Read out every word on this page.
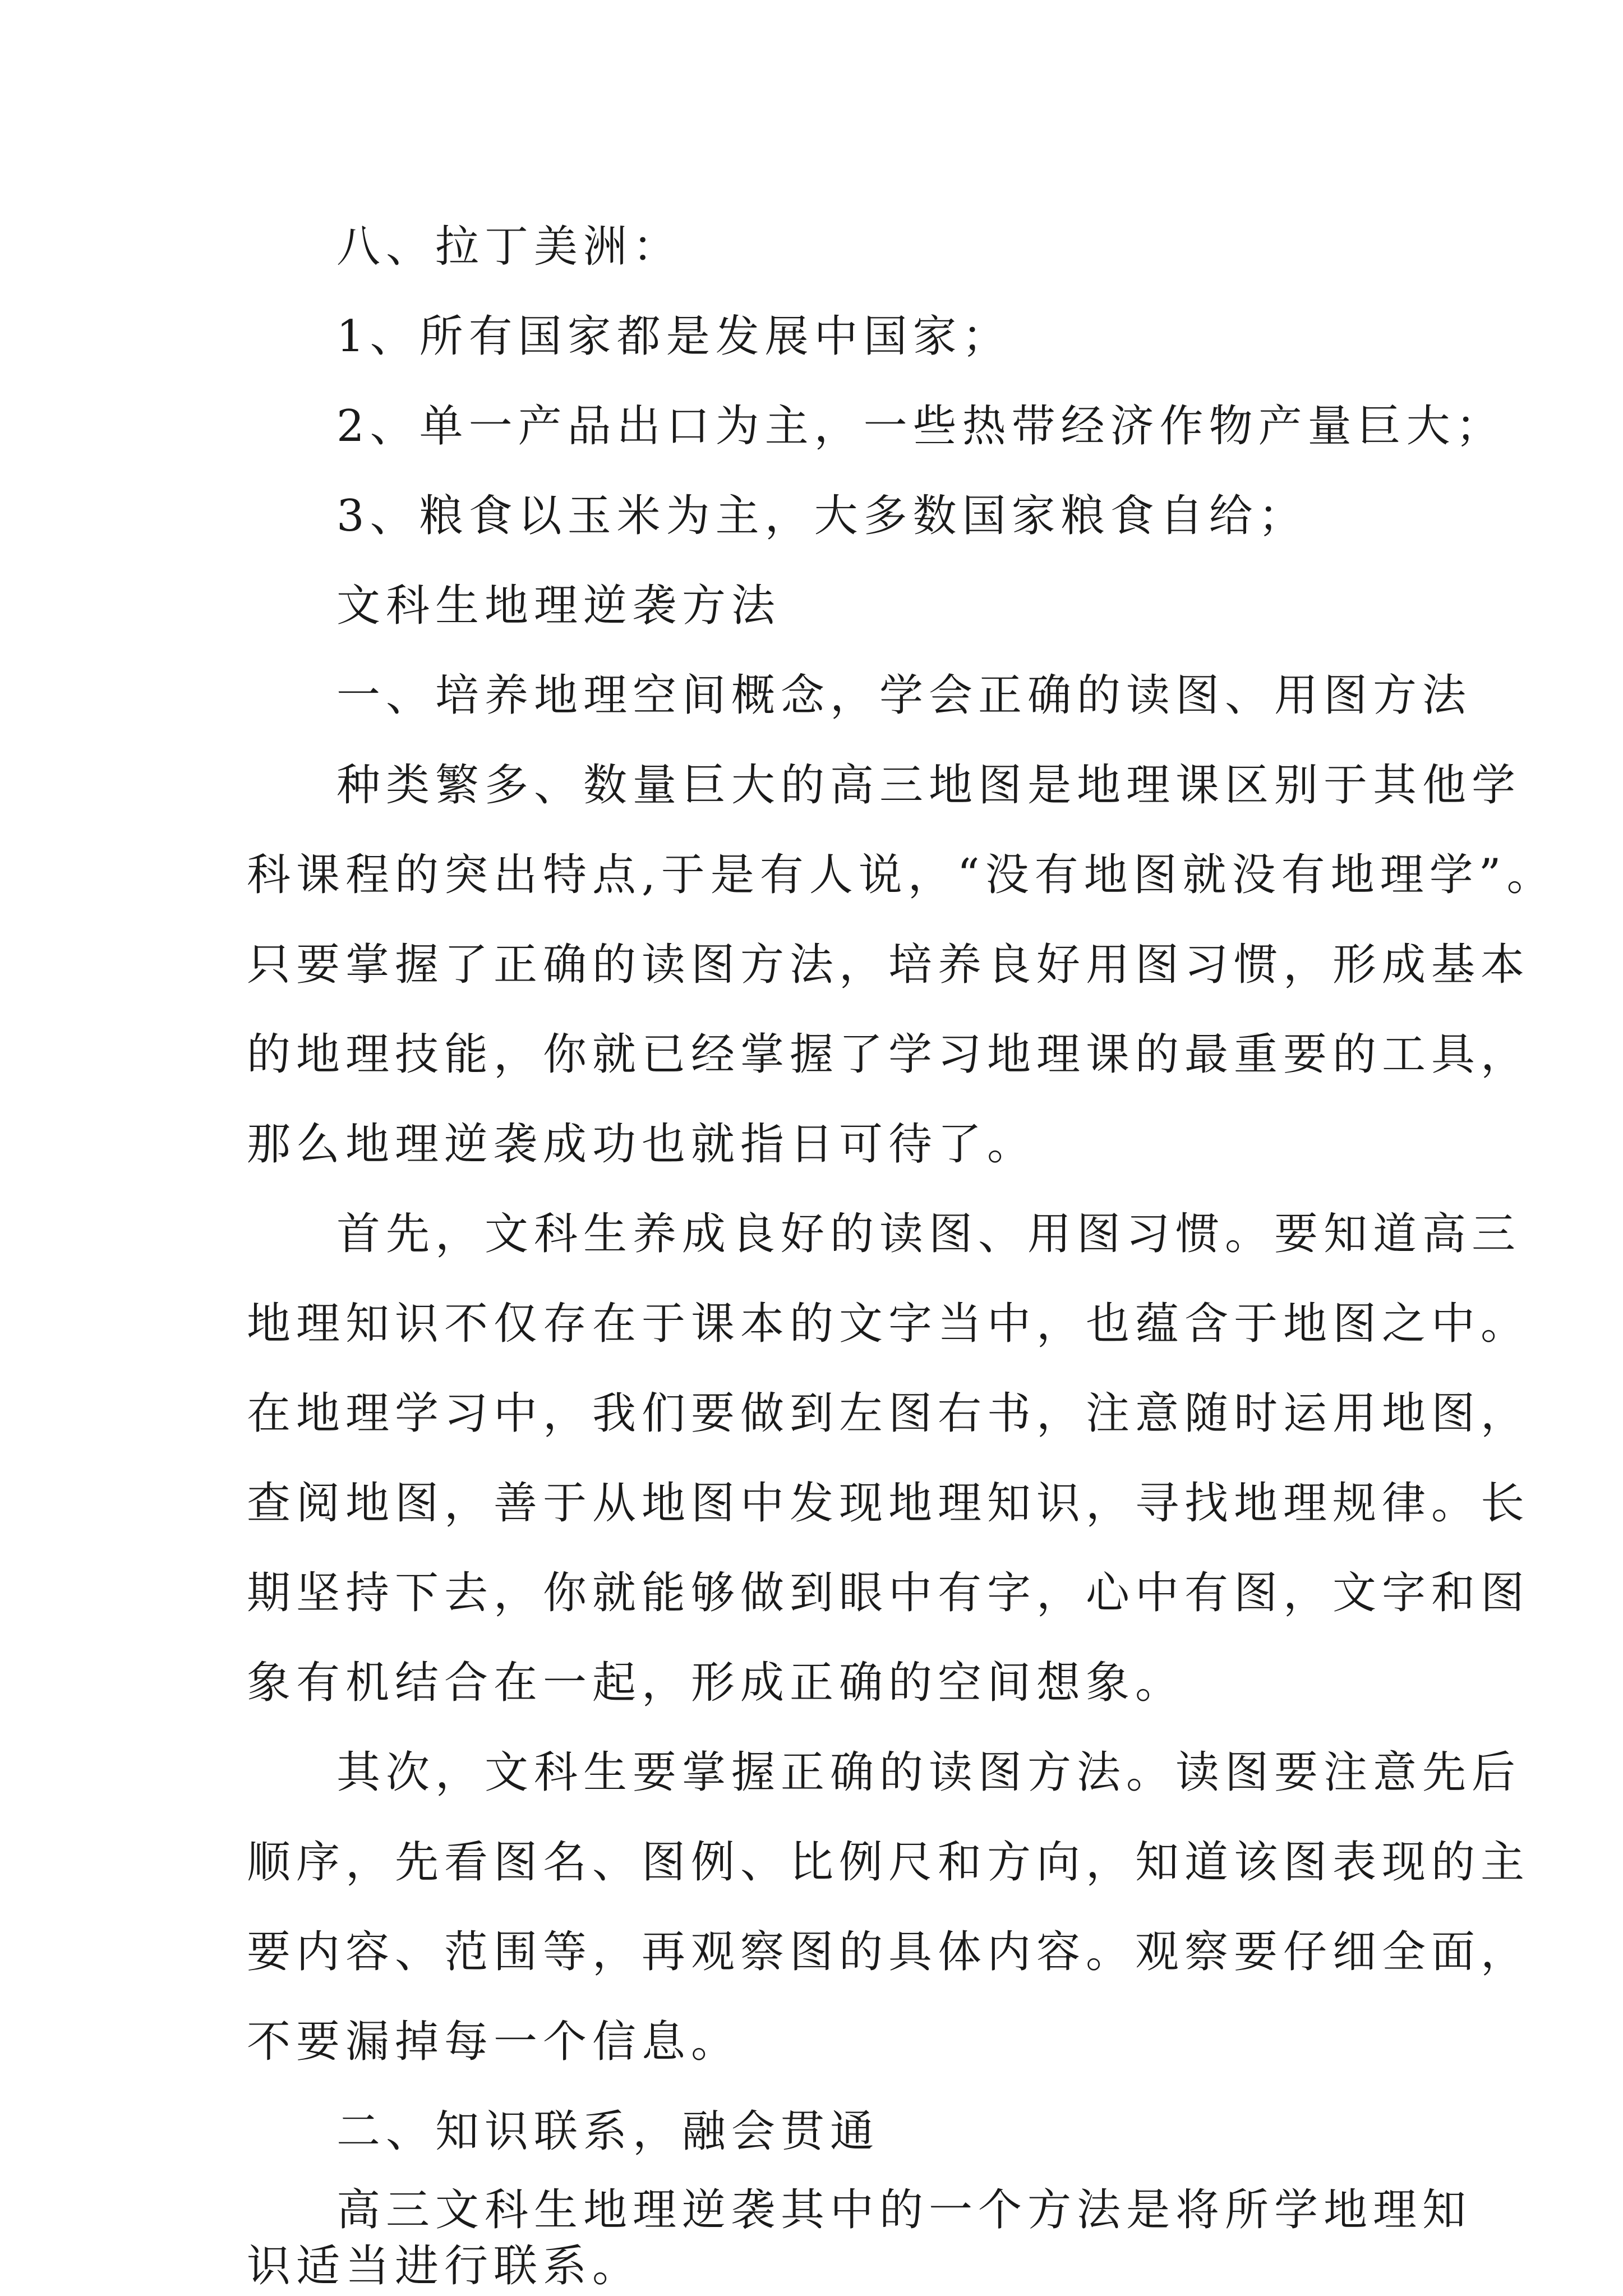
八、拉丁美洲：
1、所有国家都是发展中国家；
2、单一产品出口为主，一些热带经济作物产量巨大；
3、粮食以玉米为主，大多数国家粮食自给；
文科生地理逆袭方法
一、培养地理空间概念，学会正确的读图、用图方法
种类繁多、数量巨大的高三地图是地理课区别于其他学
科课程的突出特点,于是有人说，“没有地图就没有地理学”。
只要掌握了正确的读图方法，培养良好用图习惯，形成基本
的地理技能，你就已经掌握了学习地理课的最重要的工具，
那么地理逆袭成功也就指日可待了。
首先，文科生养成良好的读图、用图习惯。要知道高三
地理知识不仅存在于课本的文字当中，也蕴含于地图之中。
在地理学习中，我们要做到左图右书，注意随时运用地图，
查阅地图，善于从地图中发现地理知识，寻找地理规律。长
期坚持下去，你就能够做到眼中有字，心中有图，文字和图
象有机结合在一起，形成正确的空间想象。
其次，文科生要掌握正确的读图方法。读图要注意先后
顺序，先看图名、图例、比例尺和方向，知道该图表现的主
要内容、范围等，再观察图的具体内容。观察要仔细全面，
不要漏掉每一个信息。
二、知识联系，融会贯通
高三文科生地理逆袭其中的一个方法是将所学地理知
识适当进行联系。
